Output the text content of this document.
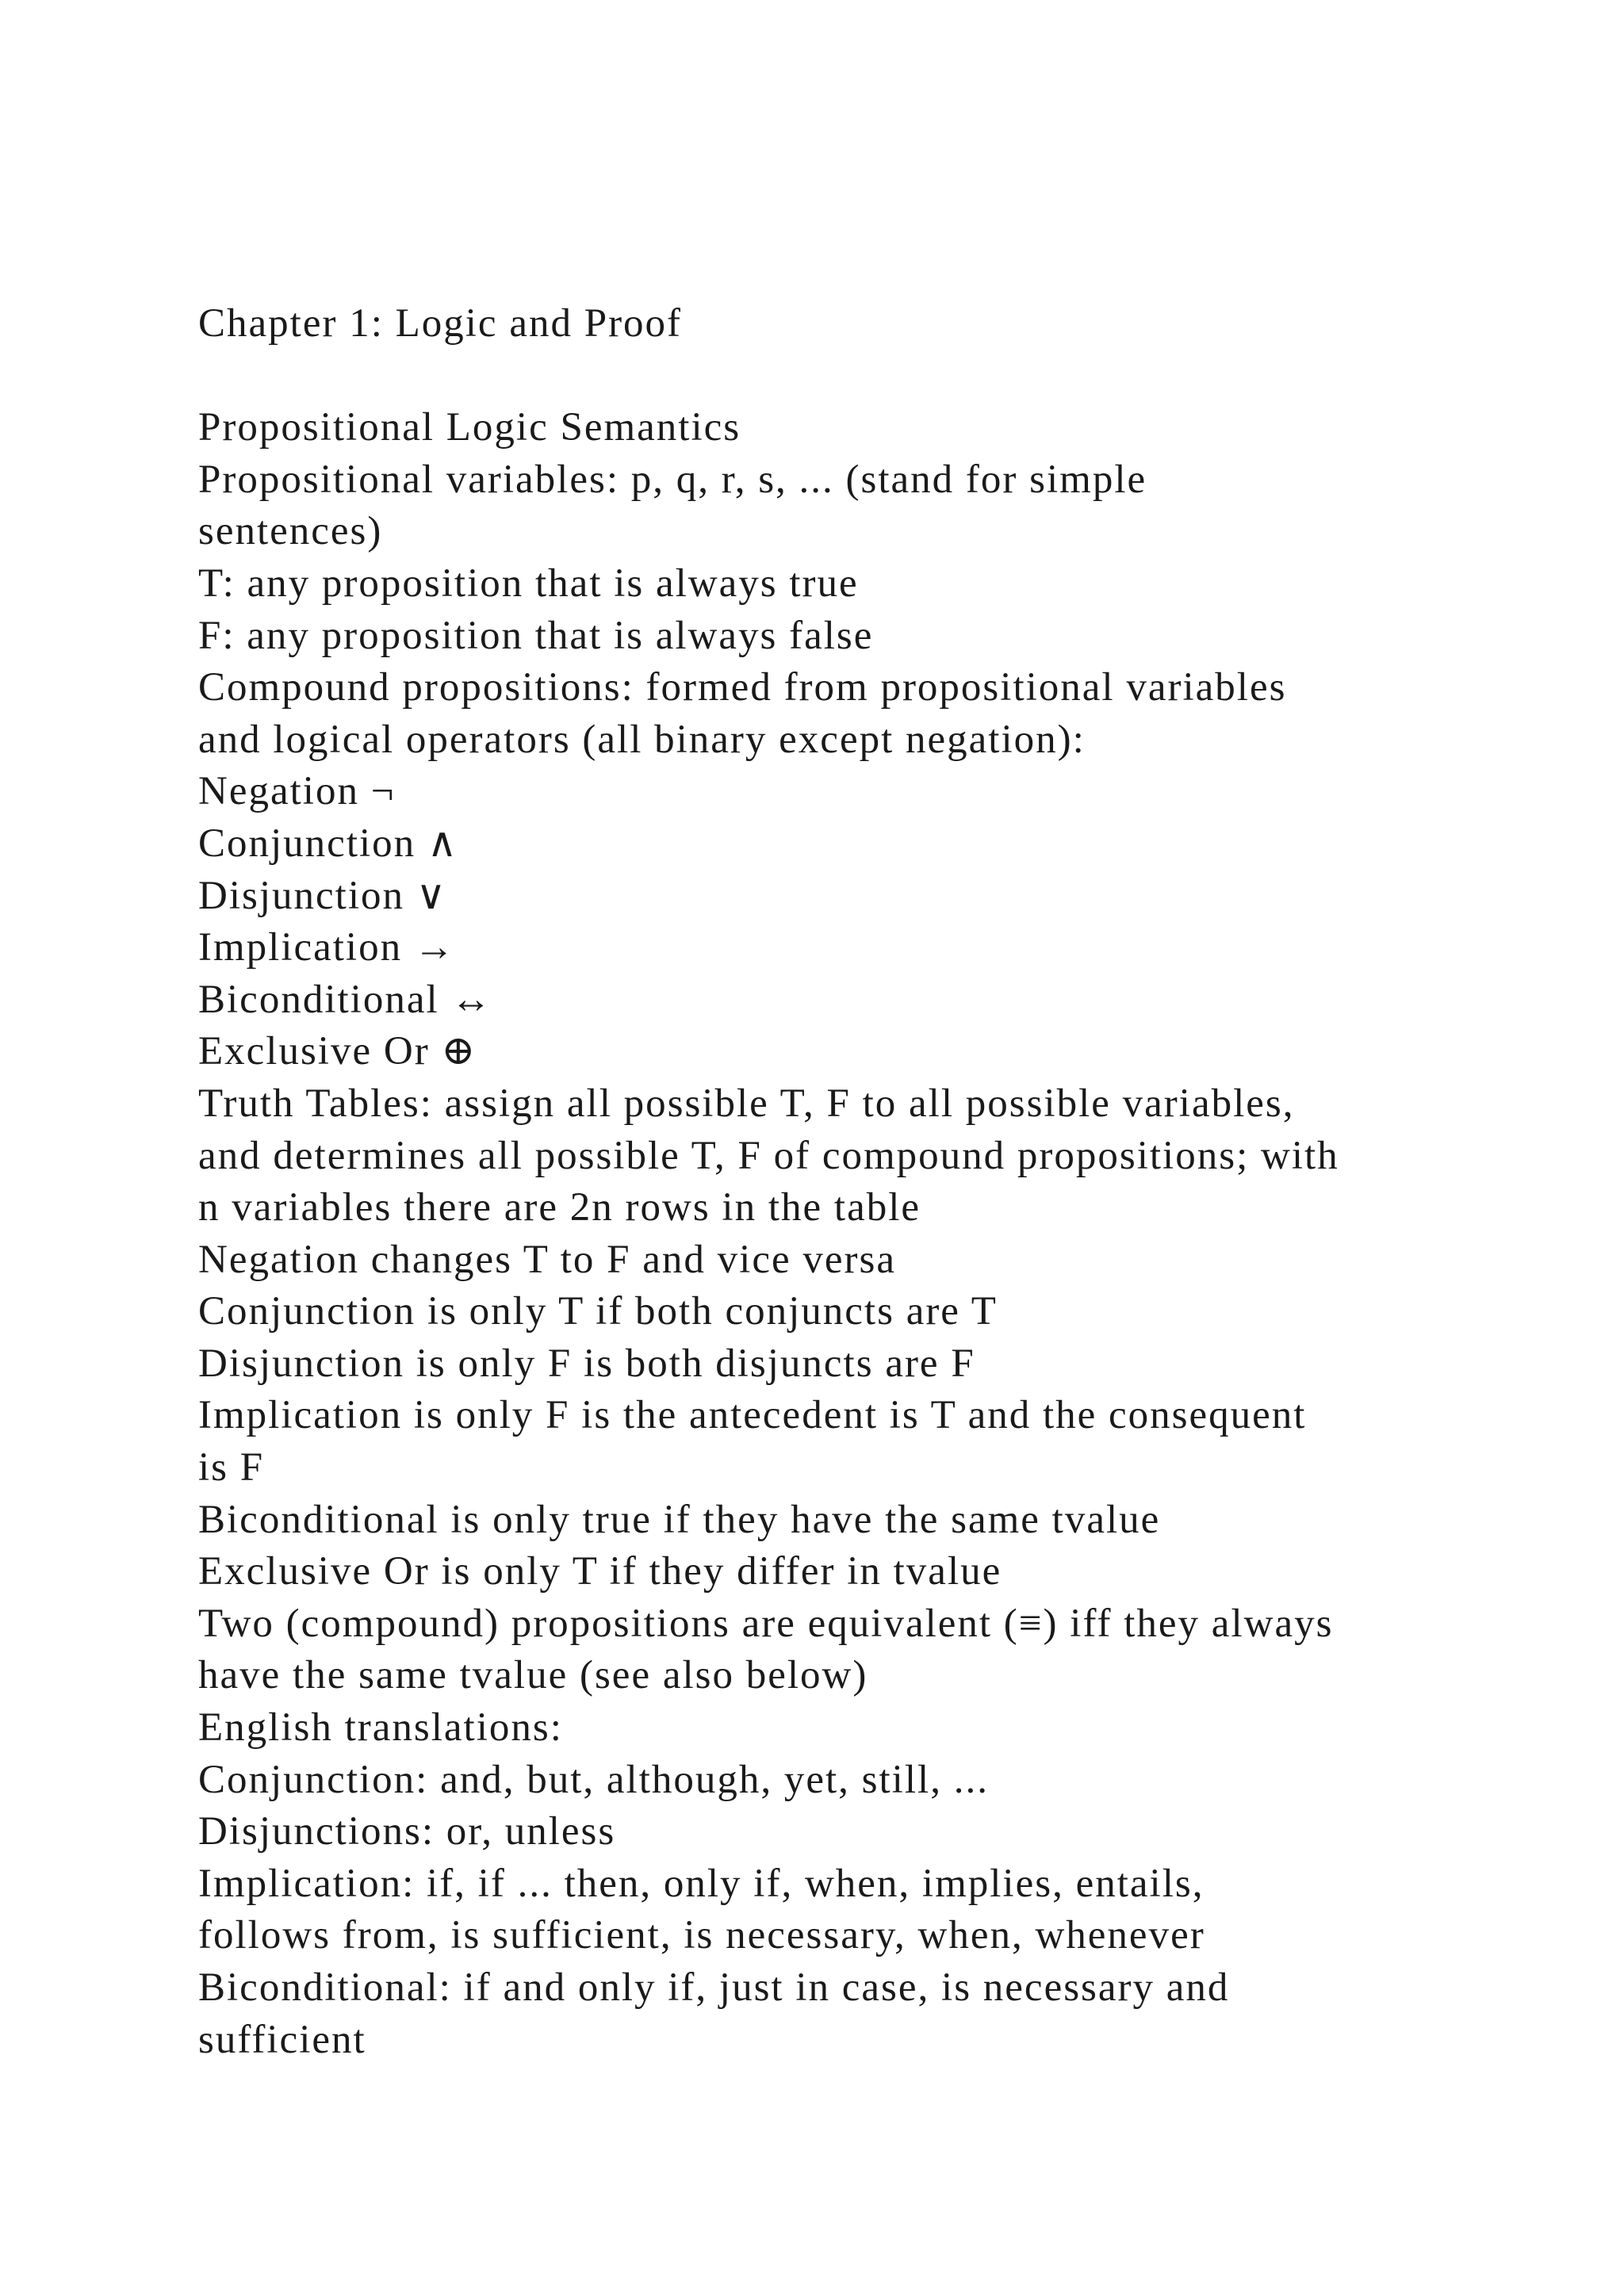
Chapter 1: Logic and Proof
Propositional Logic Semantics
Propositional variables: p, q, r, s, ... (stand for simple
sentences)
T: any proposition that is always true
F: any proposition that is always false
Compound propositions: formed from propositional variables
and logical operators (all binary except negation):
Negation ¬
Conjunction ∧
Disjunction ∨
Implication →
Biconditional ↔
Exclusive Or ⊕
Truth Tables: assign all possible T, F to all possible variables,
and determines all possible T, F of compound propositions; with
n variables there are 2n rows in the table
Negation changes T to F and vice versa
Conjunction is only T if both conjuncts are T
Disjunction is only F is both disjuncts are F
Implication is only F is the antecedent is T and the consequent
is F
Biconditional is only true if they have the same tvalue
Exclusive Or is only T if they differ in tvalue
Two (compound) propositions are equivalent (≡) iff they always
have the same tvalue (see also below)
English translations:
Conjunction: and, but, although, yet, still, ...
Disjunctions: or, unless
Implication: if, if ... then, only if, when, implies, entails,
follows from, is sufficient, is necessary, when, whenever
Biconditional: if and only if, just in case, is necessary and
sufficient
